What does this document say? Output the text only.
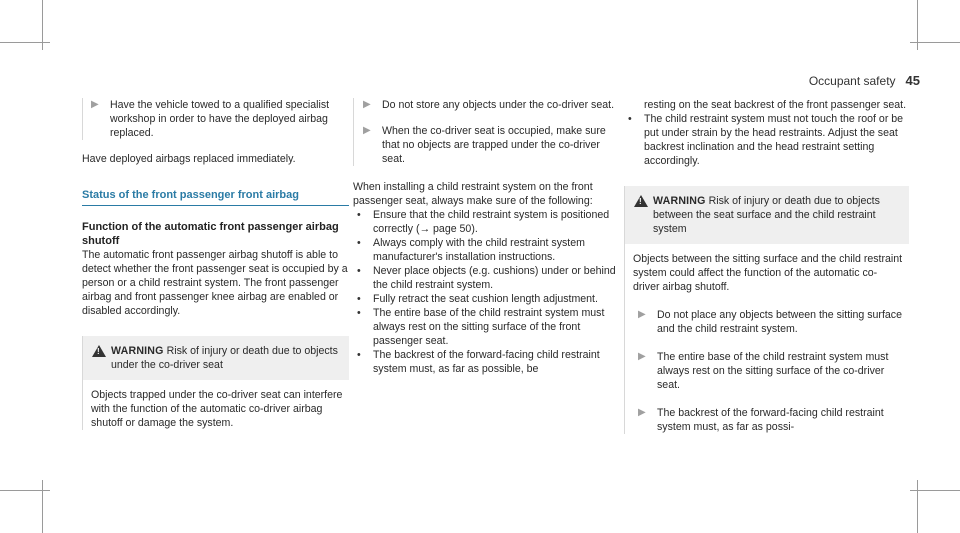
Occupant safety 45
▶ Have the vehicle towed to a qualified specialist workshop in order to have the deployed airbag replaced.
Have deployed airbags replaced immediately.
Status of the front passenger front airbag
Function of the automatic front passenger airbag shutoff
The automatic front passenger airbag shutoff is able to detect whether the front passenger seat is occupied by a person or a child restraint system. The front passenger airbag and front passenger knee airbag are enabled or disabled accordingly.
!
WARNING Risk of injury or death due to objects under the co-driver seat
Objects trapped under the co-driver seat can interfere with the function of the automatic co-driver airbag shutoff or damage the system.
▶ Do not store any objects under the co-driver seat.
▶ When the co-driver seat is occupied, make sure that no objects are trapped under the co-driver seat.
When installing a child restraint system on the front passenger seat, always make sure of the following:
• Ensure that the child restraint system is positioned correctly (→ page 50).
• Always comply with the child restraint system manufacturer's installation instructions.
• Never place objects (e.g. cushions) under or behind the child restraint system.
• Fully retract the seat cushion length adjustment.
• The entire base of the child restraint system must always rest on the sitting surface of the front passenger seat.
• The backrest of the forward-facing child restraint system must, as far as possible, be
resting on the seat backrest of the front passenger seat.
• The child restraint system must not touch the roof or be put under strain by the head restraints. Adjust the seat backrest inclination and the head restraint setting accordingly.
!
WARNING Risk of injury or death due to objects between the seat surface and the child restraint system
Objects between the sitting surface and the child restraint system could affect the function of the automatic co-driver airbag shutoff.
▶ Do not place any objects between the sitting surface and the child restraint system.
▶ The entire base of the child restraint system must always rest on the sitting surface of the co-driver seat.
▶ The backrest of the forward-facing child restraint system must, as far as possi-
